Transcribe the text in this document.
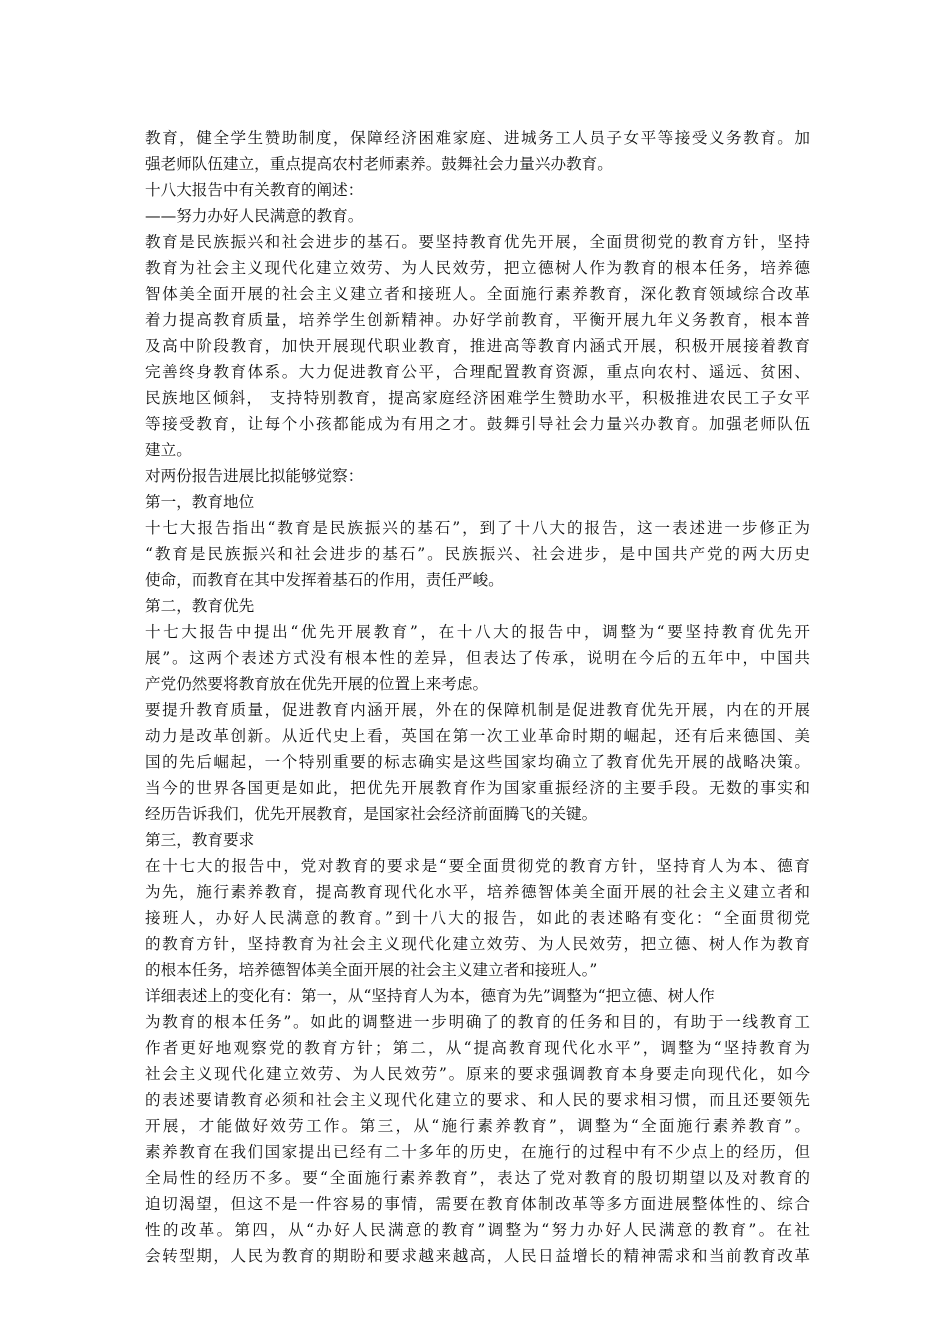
教育，健全学生赞助制度，保障经济困难家庭、进城务工人员子女平等接受义务教育。加
强老师队伍建立，重点提高农村老师素养。鼓舞社会力量兴办教育。
十八大报告中有关教育的阐述：
——努力办好人民满意的教育。
教育是民族振兴和社会进步的基石。要坚持教育优先开展，全面贯彻党的教育方针，坚持
教育为社会主义现代化建立效劳、为人民效劳，把立德树人作为教育的根本任务，培养德
智体美全面开展的社会主义建立者和接班人。全面施行素养教育，深化教育领域综合改革
着力提高教育质量，培养学生创新精神。办好学前教育，平衡开展九年义务教育，根本普
及高中阶段教育，加快开展现代职业教育，推进高等教育内涵式开展，积极开展接着教育
完善终身教育体系。大力促进教育公平，合理配置教育资源，重点向农村、遥远、贫困、
民族地区倾斜， 支持特别教育，提高家庭经济困难学生赞助水平，积极推进农民工子女平
等接受教育，让每个小孩都能成为有用之才。鼓舞引导社会力量兴办教育。加强老师队伍
建立。
对两份报告进展比拟能够觉察：
第一，教育地位
十七大报告指出“教育是民族振兴的基石”，到了十八大的报告，这一表述进一步修正为
“教育是民族振兴和社会进步的基石”。民族振兴、社会进步，是中国共产党的两大历史
使命，而教育在其中发挥着基石的作用，责任严峻。
第二，教育优先
十七大报告中提出“优先开展教育”，在十八大的报告中，调整为“要坚持教育优先开
展”。这两个表述方式没有根本性的差异，但表达了传承，说明在今后的五年中，中国共
产党仍然要将教育放在优先开展的位置上来考虑。
要提升教育质量，促进教育内涵开展，外在的保障机制是促进教育优先开展，内在的开展
动力是改革创新。从近代史上看，英国在第一次工业革命时期的崛起，还有后来德国、美
国的先后崛起，一个特别重要的标志确实是这些国家均确立了教育优先开展的战略决策。
当今的世界各国更是如此，把优先开展教育作为国家重振经济的主要手段。无数的事实和
经历告诉我们，优先开展教育，是国家社会经济前面腾飞的关键。
第三，教育要求
在十七大的报告中，党对教育的要求是“要全面贯彻党的教育方针，坚持育人为本、德育
为先，施行素养教育，提高教育现代化水平，培养德智体美全面开展的社会主义建立者和
接班人，办好人民满意的教育。”到十八大的报告，如此的表述略有变化：“全面贯彻党
的教育方针，坚持教育为社会主义现代化建立效劳、为人民效劳，把立德、树人作为教育
的根本任务，培养德智体美全面开展的社会主义建立者和接班人。”
详细表述上的变化有：第一，从“坚持育人为本，德育为先”调整为“把立德、树人作
为教育的根本任务”。如此的调整进一步明确了的教育的任务和目的，有助于一线教育工
作者更好地观察党的教育方针；第二，从“提高教育现代化水平”，调整为“坚持教育为
社会主义现代化建立效劳、为人民效劳”。原来的要求强调教育本身要走向现代化，如今
的表述要请教育必须和社会主义现代化建立的要求、和人民的要求相习惯，而且还要领先
开展，才能做好效劳工作。第三，从“施行素养教育”，调整为“全面施行素养教育”。
素养教育在我们国家提出已经有二十多年的历史，在施行的过程中有不少点上的经历，但
全局性的经历不多。要“全面施行素养教育”，表达了党对教育的殷切期望以及对教育的
迫切渴望，但这不是一件容易的事情，需要在教育体制改革等多方面进展整体性的、综合
性的改革。第四，从“办好人民满意的教育”调整为“努力办好人民满意的教育”。在社
会转型期，人民为教育的期盼和要求越来越高，人民日益增长的精神需求和当前教育改革
